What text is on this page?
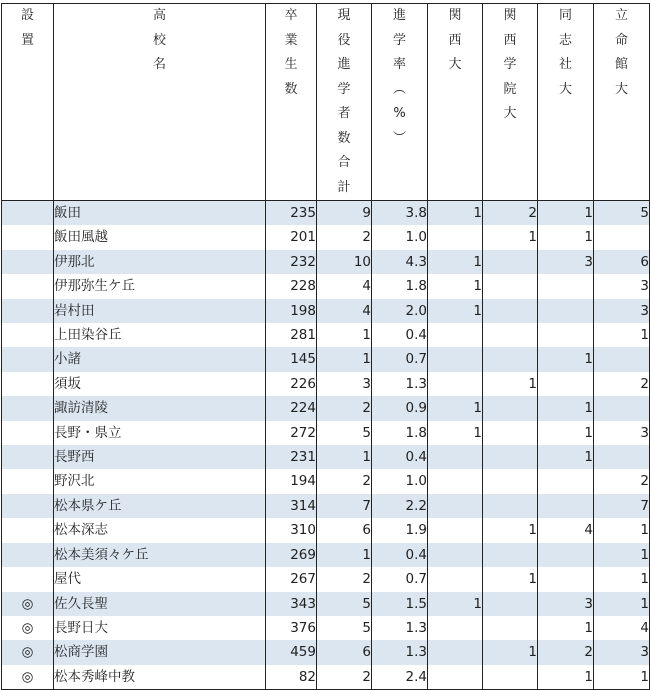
設
置

高
校
名

卒
業
生
数

現
役
進
学
者
数
合
計

進
学
率
︵
%
︶

関
西
大

関
西
学
院
大

同
志
社
大

立
命
館
大

	飯田	235	9	3.8	1	2	1	5
	飯田風越	201	2	1.0		1	1	
	伊那北	232	10	4.3	1		3	6
	伊那弥生ケ丘	228	4	1.8	1			3
	岩村田	198	4	2.0	1			3
	上田染谷丘	281	1	0.4				1
	小諸	145	1	0.7			1	
	須坂	226	3	1.3		1		2
	諏訪清陵	224	2	0.9	1		1	
	長野・県立	272	5	1.8	1		1	3
	長野西	231	1	0.4			1	
	野沢北	194	2	1.0				2
	松本県ケ丘	314	7	2.2				7
	松本深志	310	6	1.9		1	4	1
	松本美須々ケ丘	269	1	0.4				1
	屋代	267	2	0.7		1		1
◎	佐久長聖	343	5	1.5	1		3	1
◎	長野日大	376	5	1.3			1	4
◎	松商学園	459	6	1.3		1	2	3
◎	松本秀峰中教	82	2	2.4			1	1
